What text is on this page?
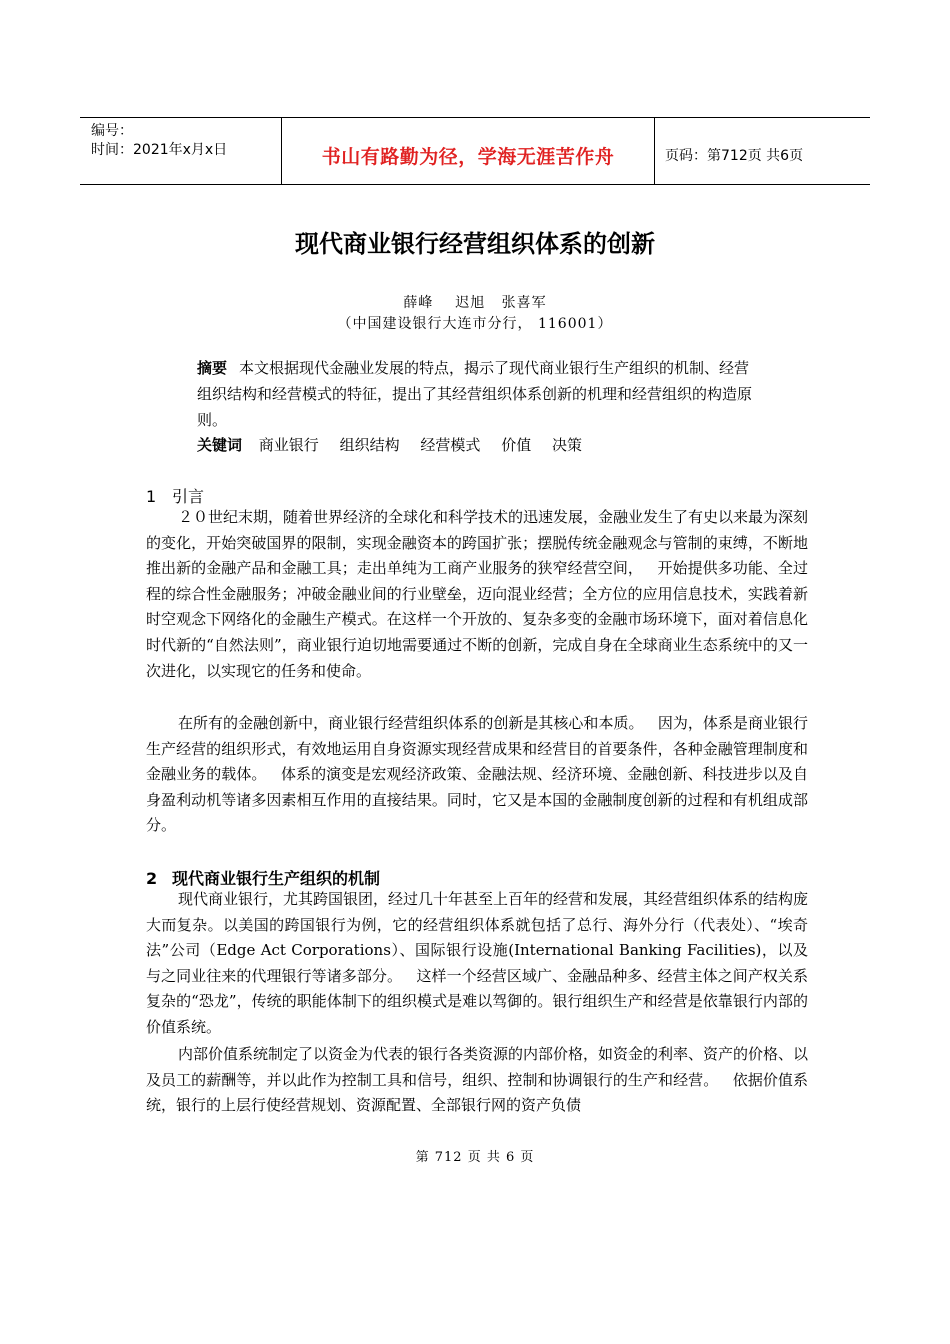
编号：
时间：2021年x月x日	书山有路勤为径，学海无涯苦作舟	页码：第712页 共6页
现代商业银行经营组织体系的创新
薛峰    迟旭   张喜军
（中国建设银行大连市分行， 116001）
摘要 本文根据现代金融业发展的特点，揭示了现代商业银行生产组织的机制、经营组织结构和经营模式的特征，提出了其经营组织体系创新的机理和经营组织的构造原则。
关键词 商业银行 组织结构 经营模式 价值 决策
1 引言
２０世纪末期，随着世界经济的全球化和科学技术的迅速发展，金融业发生了有史以来最为深刻的变化，开始突破国界的限制，实现金融资本的跨国扩张；摆脱传统金融观念与管制的束缚，不断地推出新的金融产品和金融工具；走出单纯为工商产业服务的狭窄经营空间，   开始提供多功能、全过程的综合性金融服务；冲破金融业间的行业壁垒，迈向混业经营；全方位的应用信息技术，实践着新时空观念下网络化的金融生产模式。在这样一个开放的、复杂多变的金融市场环境下，面对着信息化时代新的“自然法则”，商业银行迫切地需要通过不断的创新，完成自身在全球商业生态系统中的又一次进化，以实现它的任务和使命。
在所有的金融创新中，商业银行经营组织体系的创新是其核心和本质。   因为，体系是商业银行生产经营的组织形式，有效地运用自身资源实现经营成果和经营目的首要条件，各种金融管理制度和金融业务的载体。   体系的演变是宏观经济政策、金融法规、经济环境、金融创新、科技进步以及自身盈利动机等诸多因素相互作用的直接结果。同时，它又是本国的金融制度创新的过程和有机组成部分。
2 现代商业银行生产组织的机制
现代商业银行，尤其跨国银团，经过几十年甚至上百年的经营和发展，其经营组织体系的结构庞大而复杂。以美国的跨国银行为例，它的经营组织体系就包括了总行、海外分行（代表处）、“埃奇法”公司（Edge Act Corporations）、国际银行设施(International Banking Facilities)，以及与之同业往来的代理银行等诸多部分。   这样一个经营区域广、金融品种多、经营主体之间产权关系复杂的“恐龙”，传统的职能体制下的组织模式是难以驾御的。银行组织生产和经营是依靠银行内部的价值系统。
内部价值系统制定了以资金为代表的银行各类资源的内部价格，如资金的利率、资产的价格、以及员工的薪酬等，并以此作为控制工具和信号，组织、控制和协调银行的生产和经营。   依据价值系统，银行的上层行使经营规划、资源配置、全部银行网的资产负债
第 712 页 共 6 页
